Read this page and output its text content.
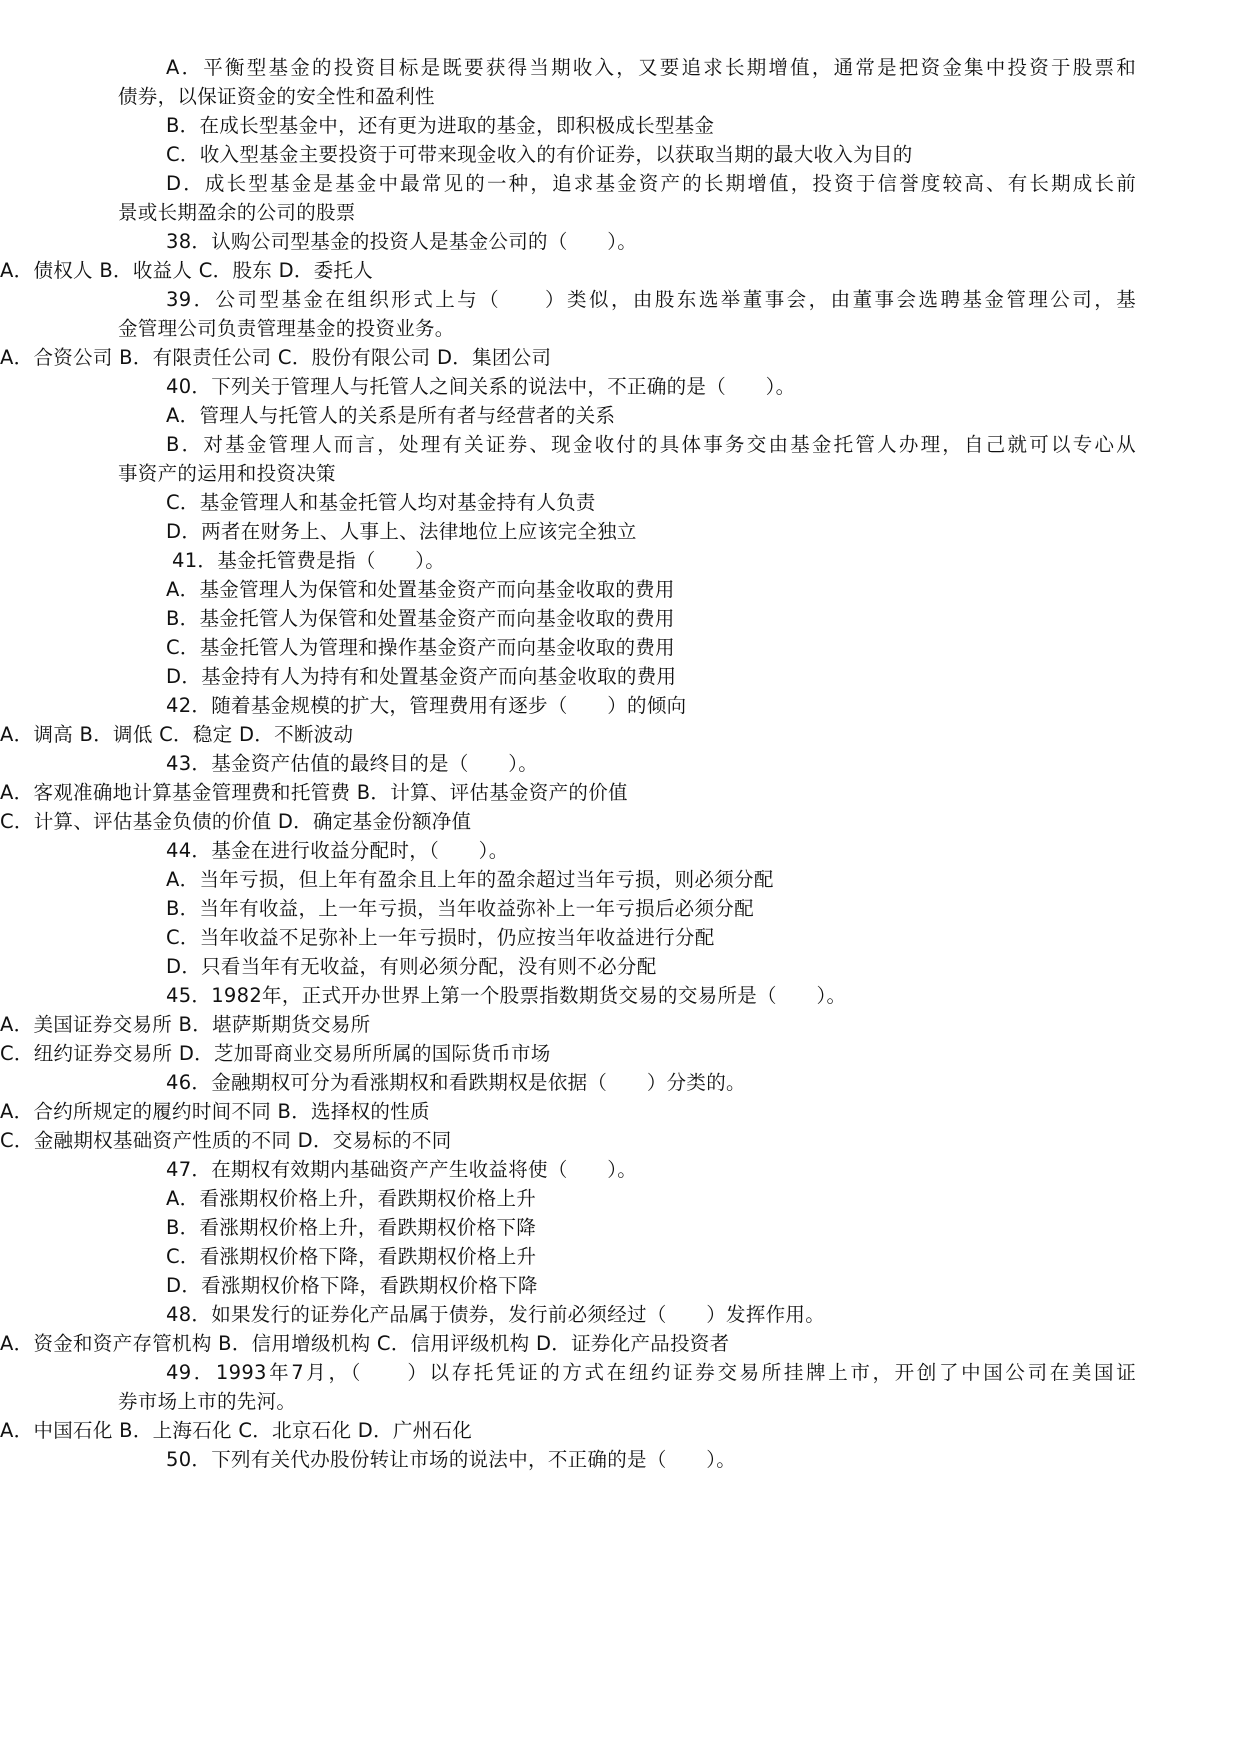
A．平衡型基金的投资目标是既要获得当期收入，又要追求长期增值，通常是把资金集中投资于股票和
债券，以保证资金的安全性和盈利性
B．在成长型基金中，还有更为进取的基金，即积极成长型基金
C．收入型基金主要投资于可带来现金收入的有价证券，以获取当期的最大收入为目的
D．成长型基金是基金中最常见的一种，追求基金资产的长期增值，投资于信誉度较高、有长期成长前
景或长期盈余的公司的股票
38．认购公司型基金的投资人是基金公司的（　　）。
A．债权人 B．收益人 C．股东 D．委托人
39．公司型基金在组织形式上与（　　）类似，由股东选举董事会，由董事会选聘基金管理公司，基
金管理公司负责管理基金的投资业务。
A．合资公司 B．有限责任公司 C．股份有限公司 D．集团公司
40．下列关于管理人与托管人之间关系的说法中，不正确的是（　　）。
A．管理人与托管人的关系是所有者与经营者的关系
B．对基金管理人而言，处理有关证券、现金收付的具体事务交由基金托管人办理，自己就可以专心从
事资产的运用和投资决策
C．基金管理人和基金托管人均对基金持有人负责
D．两者在财务上、人事上、法律地位上应该完全独立
41．基金托管费是指（　　）。
A．基金管理人为保管和处置基金资产而向基金收取的费用
B．基金托管人为保管和处置基金资产而向基金收取的费用
C．基金托管人为管理和操作基金资产而向基金收取的费用
D．基金持有人为持有和处置基金资产而向基金收取的费用
42．随着基金规模的扩大，管理费用有逐步（　　）的倾向
A．调高 B．调低 C．稳定 D．不断波动
43．基金资产估值的最终目的是（　　）。
A．客观准确地计算基金管理费和托管费 B．计算、评估基金资产的价值
C．计算、评估基金负债的价值 D．确定基金份额净值
44．基金在进行收益分配时，（　　）。
A．当年亏损，但上年有盈余且上年的盈余超过当年亏损，则必须分配
B．当年有收益，上一年亏损，当年收益弥补上一年亏损后必须分配
C．当年收益不足弥补上一年亏损时，仍应按当年收益进行分配
D．只看当年有无收益，有则必须分配，没有则不必分配
45．1982年，正式开办世界上第一个股票指数期货交易的交易所是（　　）。
A．美国证券交易所 B．堪萨斯期货交易所
C．纽约证券交易所 D．芝加哥商业交易所所属的国际货币市场
46．金融期权可分为看涨期权和看跌期权是依据（　　）分类的。
A．合约所规定的履约时间不同 B．选择权的性质
C．金融期权基础资产性质的不同 D．交易标的不同
47．在期权有效期内基础资产产生收益将使（　　）。
A．看涨期权价格上升，看跌期权价格上升
B．看涨期权价格上升，看跌期权价格下降
C．看涨期权价格下降，看跌期权价格上升
D．看涨期权价格下降，看跌期权价格下降
48．如果发行的证券化产品属于债券，发行前必须经过（　　）发挥作用。
A．资金和资产存管机构 B．信用增级机构 C．信用评级机构 D．证券化产品投资者
49．1993年7月，（　　）以存托凭证的方式在纽约证券交易所挂牌上市，开创了中国公司在美国证
券市场上市的先河。
A．中国石化 B．上海石化 C．北京石化 D．广州石化
50．下列有关代办股份转让市场的说法中，不正确的是（　　）。
